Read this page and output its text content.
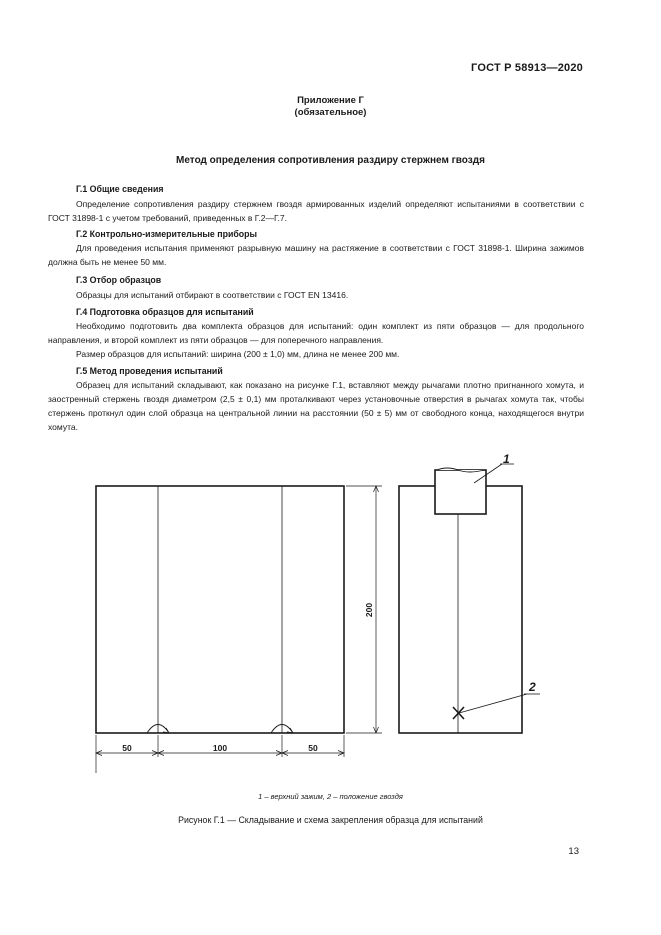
ГОСТ Р 58913—2020
Приложение Г
(обязательное)
Метод определения сопротивления раздиру стержнем гвоздя
Г.1 Общие сведения

Определение сопротивления раздиру стержнем гвоздя армированных изделий определяют испытаниями в соответствии с ГОСТ 31898-1 с учетом требований, приведенных в Г.2—Г.7.

Г.2 Контрольно-измерительные приборы

Для проведения испытания применяют разрывную машину на растяжение в соответствии с ГОСТ 31898-1. Ширина зажимов должна быть не менее 50 мм.

Г.3 Отбор образцов

Образцы для испытаний отбирают в соответствии с ГОСТ EN 13416.

Г.4 Подготовка образцов для испытаний

Необходимо подготовить два комплекта образцов для испытаний: один комплект из пяти образцов — для продольного направления, и второй комплект из пяти образцов — для поперечного направления.

Размер образцов для испытаний: ширина (200 ± 1,0) мм, длина не менее 200 мм.

Г.5 Метод проведения испытаний

Образец для испытаний складывают, как показано на рисунке Г.1, вставляют между рычагами плотно пригнанного хомута, и заостренный стержень гвоздя диаметром (2,5 ± 0,1) мм проталкивают через установочные отверстия в рычагах хомута так, чтобы стержень проткнул один слой образца на центральной линии на расстоянии (50 ± 5) мм от свободного конца, находящегося внутри хомута.

50	100	50
200
1
2
1 – верхний зажим, 2 – положение гвоздя
Рисунок Г.1 — Складывание и схема закрепления образца для испытаний
13
